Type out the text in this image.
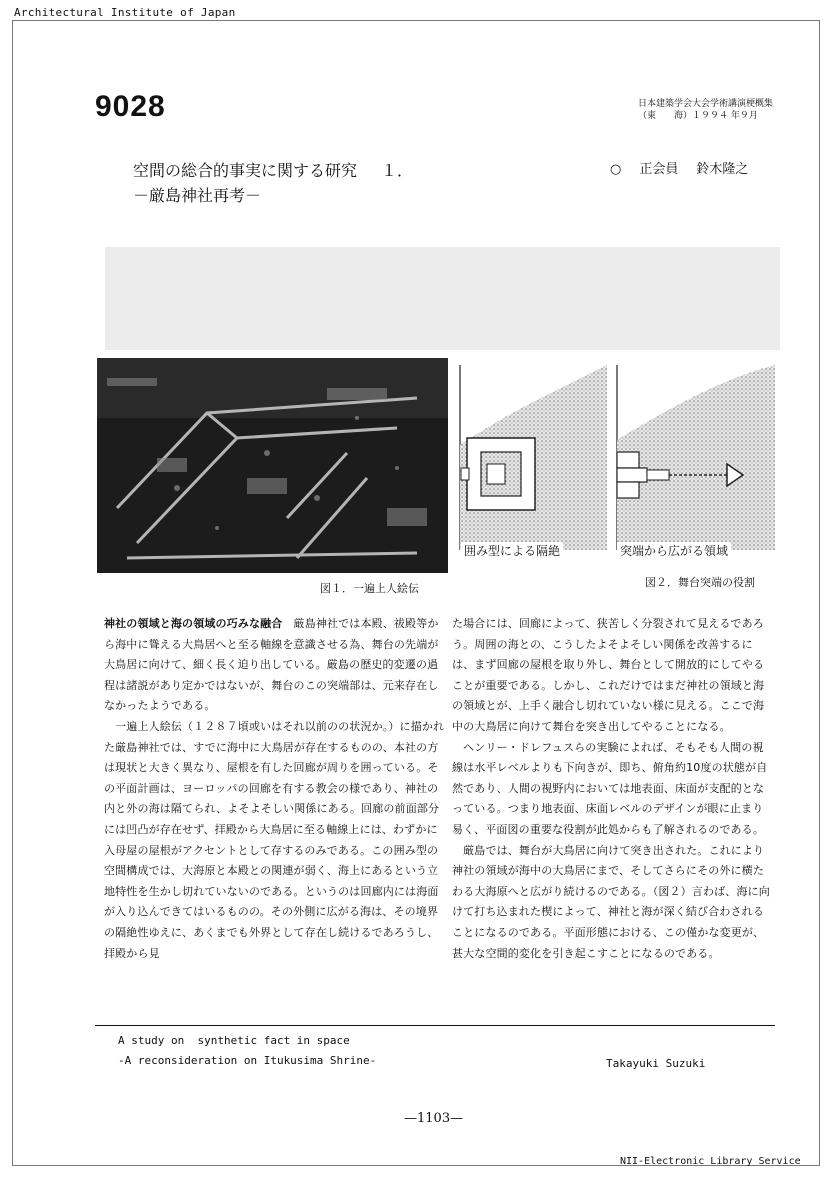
Architectural Institute of Japan
9028	日本建築学会大会学術講演梗概集
（東　　海）１９９４ 年９月
空間の総合的事実に関する研究 １．
－厳島神社再考－
○ 正会員 鈴木隆之
図１．一遍上人絵伝
囲み型による隔絶	突端から広がる領域
図２．舞台突端の役割

神社の領域と海の領域の巧みな融合　厳島神社では本殿、祓殿等から海中に聳える大鳥居へと至る軸線を意識させる為、舞台の先端が大鳥居に向けて、細く長く迫り出している。厳島の歴史的変遷の過程は諸説があり定かではないが、舞台のこの突端部は、元来存在しなかったようである。

　一遍上人絵伝（１２８７頃或いはそれ以前のの状況か。）に描かれた厳島神社では、すでに海中に大鳥居が存在するものの、本社の方は現状と大きく異なり、屋根を有した回廊が周りを囲っている。その平面計画は、ヨーロッパの回廊を有する教会の様であり、神社の内と外の海は隔てられ、よそよそしい関係にある。回廊の前面部分には凹凸が存在せず、拝殿から大鳥居に至る軸線上には、わずかに入母屋の屋根がアクセントとして存するのみである。この囲み型の空間構成では、大海原と本殿との関連が弱く、海上にあるという立地特性を生かし切れていないのである。というのは回廊内には海面が入り込んできてはいるものの。その外側に広がる海は、その境界の隔絶性ゆえに、あくまでも外界として存在し続けるであろうし、拝殿から見

た場合には、回廊によって、狭苦しく分裂されて見えるであろう。周囲の海との、こうしたよそよそしい関係を改善するには、まず回廊の屋根を取り外し、舞台として開放的にしてやることが重要である。しかし、これだけではまだ神社の領域と海の領域とが、上手く融合し切れていない様に見える。ここで海中の大鳥居に向けて舞台を突き出してやることになる。

　ヘンリー・ドレフュスらの実験によれば、そもそも人間の視線は水平レベルよりも下向きが、即ち、俯角約10度の状態が自然であり、人間の視野内においては地表面、床面が支配的となっている。つまり地表面、床面レベルのデザインが眼に止まり易く、平面図の重要な役割が此処からも了解されるのである。

　厳島では、舞台が大鳥居に向けて突き出された。これにより神社の領域が海中の大鳥居にまで、そしてさらにその外に横たわる大海原へと広がり続けるのである。（図２）言わば、海に向けて打ち込まれた楔によって、神社と海が深く結び合わされることになるのである。平面形態における、この僅かな変更が、甚大な空間的変化を引き起こすことになるのである。

A study on  synthetic fact in space
-A reconsideration on Itukusima Shrine-	Takayuki Suzuki
—1103—
NII-Electronic Library Service
